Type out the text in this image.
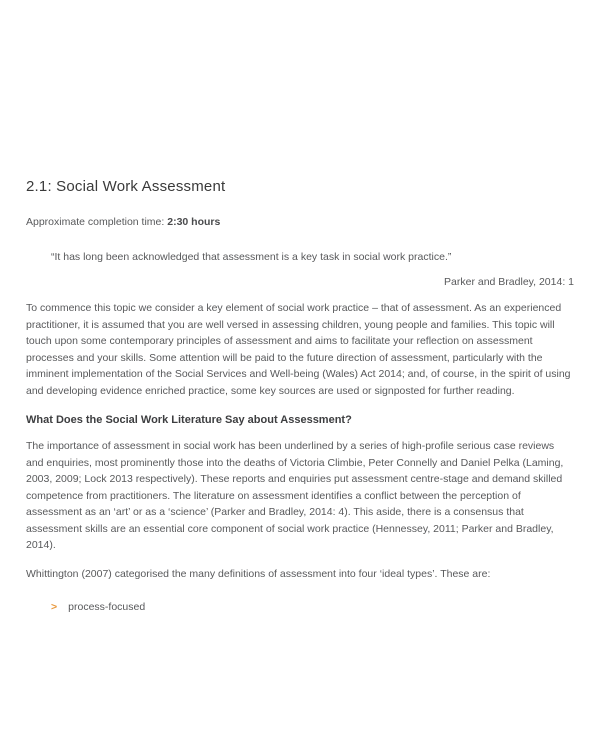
2.1: Social Work Assessment
Approximate completion time: 2:30 hours
“It has long been acknowledged that assessment is a key task in social work practice.”
Parker and Bradley, 2014: 1

To commence this topic we consider a key element of social work practice – that of assessment. As an experienced practitioner, it is assumed that you are well versed in assessing children, young people and families. This topic will touch upon some contemporary principles of assessment and aims to facilitate your reflection on assessment processes and your skills. Some attention will be paid to the future direction of assessment, particularly with the imminent implementation of the Social Services and Well-being (Wales) Act 2014; and, of course, in the spirit of using and developing evidence enriched practice, some key sources are used or signposted for further reading.

What Does the Social Work Literature Say about Assessment?

The importance of assessment in social work has been underlined by a series of high-profile serious case reviews and enquiries, most prominently those into the deaths of Victoria Climbie, Peter Connelly and Daniel Pelka (Laming, 2003, 2009; Lock 2013 respectively). These reports and enquiries put assessment centre-stage and demand skilled competence from practitioners. The literature on assessment identifies a conflict between the perception of assessment as an ‘art’ or as a ‘science’ (Parker and Bradley, 2014: 4). This aside, there is a consensus that assessment skills are an essential core component of social work practice (Hennessey, 2011; Parker and Bradley, 2014).

Whittington (2007) categorised the many definitions of assessment into four ‘ideal types’. These are:

> process-focused
